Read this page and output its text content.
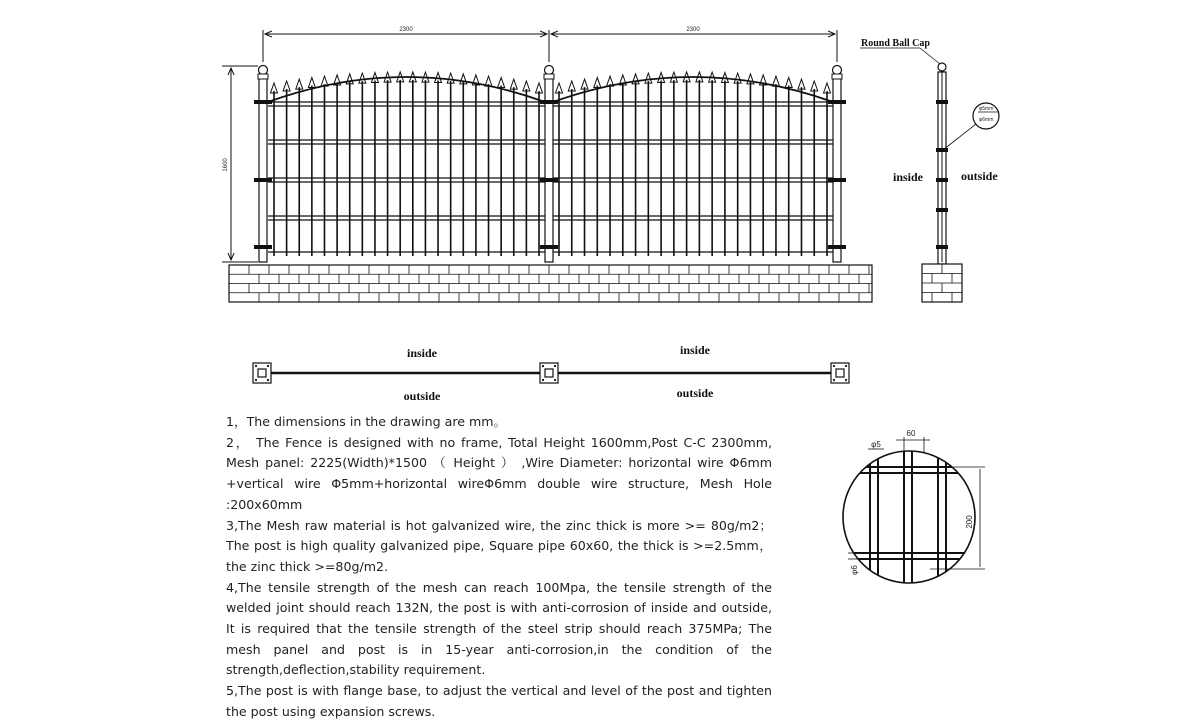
2300	2300
1600
Round Ball Cap
inside	outside
φ5mm
φ6mm
inside	inside
outside	outside
60
φ5
200
φ6
1，The dimensions in the drawing are mm。
2， The Fence is designed with no frame, Total Height 1600mm,Post C-C 2300mm, Mesh panel: 2225(Width)*1500 （ Height ） ,Wire Diameter: horizontal wire Φ6mm +vertical wire Φ5mm+horizontal wireΦ6mm double wire structure, Mesh Hole :200x60mm
3,The Mesh raw material is hot galvanized wire, the zinc thick is more >= 80g/m2； The post is high quality galvanized pipe, Square pipe 60x60, the thick is >=2.5mm，the zinc thick >=80g/m2.
4,The tensile strength of the mesh can reach 100Mpa, the tensile strength of the welded joint should reach 132N, the post is with anti-corrosion of inside and outside, It is required that the tensile strength of the steel strip should reach 375MPa; The mesh panel and post is in 15-year anti-corrosion,in the condition of the strength,deflection,stability requirement.
5,The post is with flange base, to adjust the vertical and level of the post and tighten the post using expansion screws.
